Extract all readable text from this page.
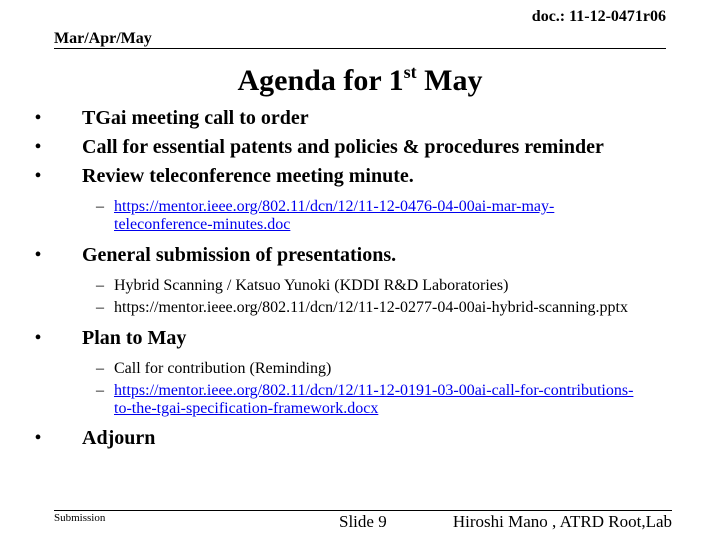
doc.: 11-12-0471r06
Mar/Apr/May
Agenda for 1st May
•	TGai meeting call to order
•	Call for essential patents and policies & procedures reminder
•	Review teleconference meeting minute.
– https://mentor.ieee.org/802.11/dcn/12/11-12-0476-04-00ai-mar-may-teleconference-minutes.doc
•	General submission of presentations.
– Hybrid Scanning / Katsuo Yunoki (KDDI R&D Laboratories)
– https://mentor.ieee.org/802.11/dcn/12/11-12-0277-04-00ai-hybrid-scanning.pptx
•	Plan to May
– Call for contribution (Reminding)
– https://mentor.ieee.org/802.11/dcn/12/11-12-0191-03-00ai-call-for-contributions-to-the-tgai-specification-framework.docx
•	Adjourn
Submission	Slide 9	Hiroshi Mano , ATRD Root,Lab
